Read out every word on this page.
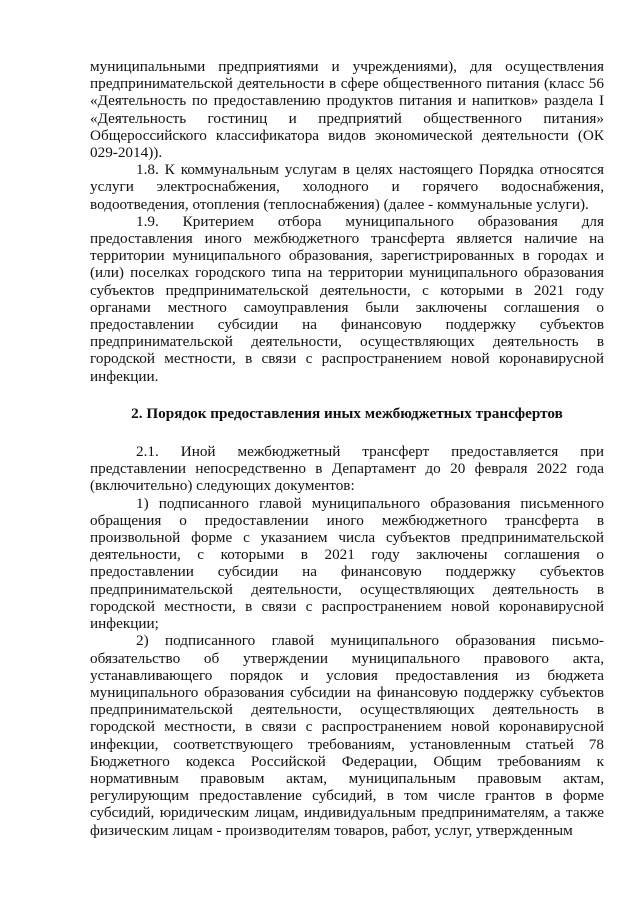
муниципальными предприятиями и учреждениями), для осуществления предпринимательской деятельности в сфере общественного питания (класс 56 «Деятельность по предоставлению продуктов питания и напитков» раздела I «Деятельность гостиниц и предприятий общественного питания» Общероссийского классификатора видов экономической деятельности (ОК 029-2014)).

1.8. К коммунальным услугам в целях настоящего Порядка относятся услуги электроснабжения, холодного и горячего водоснабжения, водоотведения, отопления (теплоснабжения) (далее - коммунальные услуги).

1.9. Критерием отбора муниципального образования для предоставления иного межбюджетного трансферта является наличие на территории муниципального образования, зарегистрированных в городах и (или) поселках городского типа на территории муниципального образования субъектов предпринимательской деятельности, с которыми в 2021 году органами местного самоуправления были заключены соглашения о предоставлении субсидии на финансовую поддержку субъектов предпринимательской деятельности, осуществляющих деятельность в городской местности, в связи с распространением новой коронавирусной инфекции.

2. Порядок предоставления иных межбюджетных трансфертов

2.1. Иной межбюджетный трансферт предоставляется при представлении непосредственно в Департамент до 20 февраля 2022 года (включительно) следующих документов:

1) подписанного главой муниципального образования письменного обращения о предоставлении иного межбюджетного трансферта в произвольной форме с указанием числа субъектов предпринимательской деятельности, с которыми в 2021 году заключены соглашения о предоставлении субсидии на финансовую поддержку субъектов предпринимательской деятельности, осуществляющих деятельность в городской местности, в связи с распространением новой коронавирусной инфекции;

2) подписанного главой муниципального образования письмо-обязательство об утверждении муниципального правового акта, устанавливающего порядок и условия предоставления из бюджета муниципального образования субсидии на финансовую поддержку субъектов предпринимательской деятельности, осуществляющих деятельность в городской местности, в связи с распространением новой коронавирусной инфекции, соответствующего требованиям, установленным статьей 78 Бюджетного кодекса Российской Федерации, Общим требованиям к нормативным правовым актам, муниципальным правовым актам, регулирующим предоставление субсидий, в том числе грантов в форме субсидий, юридическим лицам, индивидуальным предпринимателям, а также физическим лицам - производителям товаров, работ, услуг, утвержденным
